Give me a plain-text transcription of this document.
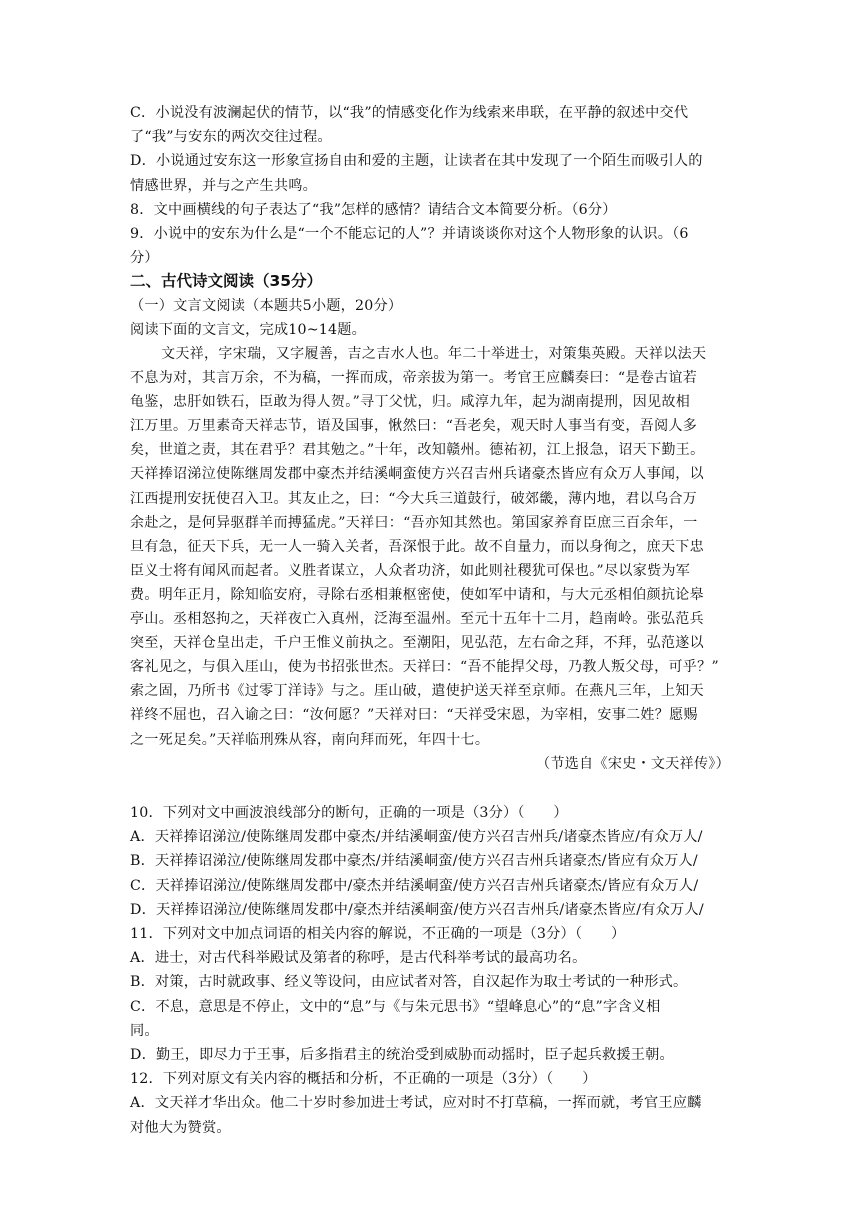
C．小说没有波澜起伏的情节，以“我”的情感变化作为线索来串联，在平静的叙述中交代
了“我”与安东的两次交往过程。
D．小说通过安东这一形象宣扬自由和爱的主题，让读者在其中发现了一个陌生而吸引人的
情感世界，并与之产生共鸣。
8．文中画横线的句子表达了“我”怎样的感情？请结合文本简要分析。（6分）
9．小说中的安东为什么是“一个不能忘记的人”？并请谈谈你对这个人物形象的认识。（6
分）
二、古代诗文阅读（35分）
（一）文言文阅读（本题共5小题，20分）
阅读下面的文言文，完成10~14题。
文天祥，字宋瑞，又字履善，吉之吉水人也。年二十举进士，对策集英殿。天祥以法天
不息为对，其言万余，不为稿，一挥而成，帝亲拔为第一。考官王应麟奏曰：“是卷古谊若
龟鉴，忠肝如铁石，臣敢为得人贺。”寻丁父忧，归。咸淳九年，起为湖南提刑，因见故相
江万里。万里素奇天祥志节，语及国事，愀然曰：“吾老矣，观天时人事当有变，吾阅人多
矣，世道之责，其在君乎？君其勉之。”十年，改知赣州。德祐初，江上报急，诏天下勤王。
天祥捧诏涕泣使陈继周发郡中豪杰并结溪峒蛮使方兴召吉州兵诸豪杰皆应有众万人事闻，以
江西提刑安抚使召入卫。其友止之，曰：“今大兵三道鼓行，破郊畿，薄内地，君以乌合万
余赴之，是何异驱群羊而搏猛虎。”天祥曰：“吾亦知其然也。第国家养育臣庶三百余年，一
旦有急，征天下兵，无一人一骑入关者，吾深恨于此。故不自量力，而以身徇之，庶天下忠
臣义士将有闻风而起者。义胜者谋立，人众者功济，如此则社稷犹可保也。”尽以家赀为军
费。明年正月，除知临安府，寻除右丞相兼枢密使，使如军中请和，与大元丞相伯颜抗论皋
亭山。丞相怒拘之，天祥夜亡入真州，泛海至温州。至元十五年十二月，趋南岭。张弘范兵
突至，天祥仓皇出走，千户王惟义前执之。至潮阳，见弘范，左右命之拜，不拜，弘范遂以
客礼见之，与俱入厓山，使为书招张世杰。天祥曰：“吾不能捍父母，乃教人叛父母，可乎？”
索之固，乃所书《过零丁洋诗》与之。厓山破，遣使护送天祥至京师。在燕凡三年，上知天
祥终不屈也，召入谕之曰：“汝何愿？”天祥对曰：“天祥受宋恩，为宰相，安事二姓？愿赐
之一死足矣。”天祥临刑殊从容，南向拜而死，年四十七。
（节选自《宋史・文天祥传》）
10．下列对文中画波浪线部分的断句，正确的一项是（3分）（　　）
A．天祥捧诏涕泣/使陈继周发郡中豪杰/并结溪峒蛮/使方兴召吉州兵/诸豪杰皆应/有众万人/
B．天祥捧诏涕泣/使陈继周发郡中豪杰/并结溪峒蛮/使方兴召吉州兵诸豪杰/皆应有众万人/
C．天祥捧诏涕泣/使陈继周发郡中/豪杰并结溪峒蛮/使方兴召吉州兵诸豪杰/皆应有众万人/
D．天祥捧诏涕泣/使陈继周发郡中/豪杰并结溪峒蛮/使方兴召吉州兵/诸豪杰皆应/有众万人/
11．下列对文中加点词语的相关内容的解说，不正确的一项是（3分）（　　）
A．进士，对古代科举殿试及第者的称呼，是古代科举考试的最高功名。
B．对策，古时就政事、经义等设问，由应试者对答，自汉起作为取士考试的一种形式。
C．不息，意思是不停止，文中的“息”与《与朱元思书》“望峰息心”的“息”字含义相
同。
D．勤王，即尽力于王事，后多指君主的统治受到威胁而动摇时，臣子起兵救援王朝。
12．下列对原文有关内容的概括和分析，不正确的一项是（3分）（　　）
A．文天祥才华出众。他二十岁时参加进士考试，应对时不打草稿，一挥而就，考官王应麟
对他大为赞赏。
